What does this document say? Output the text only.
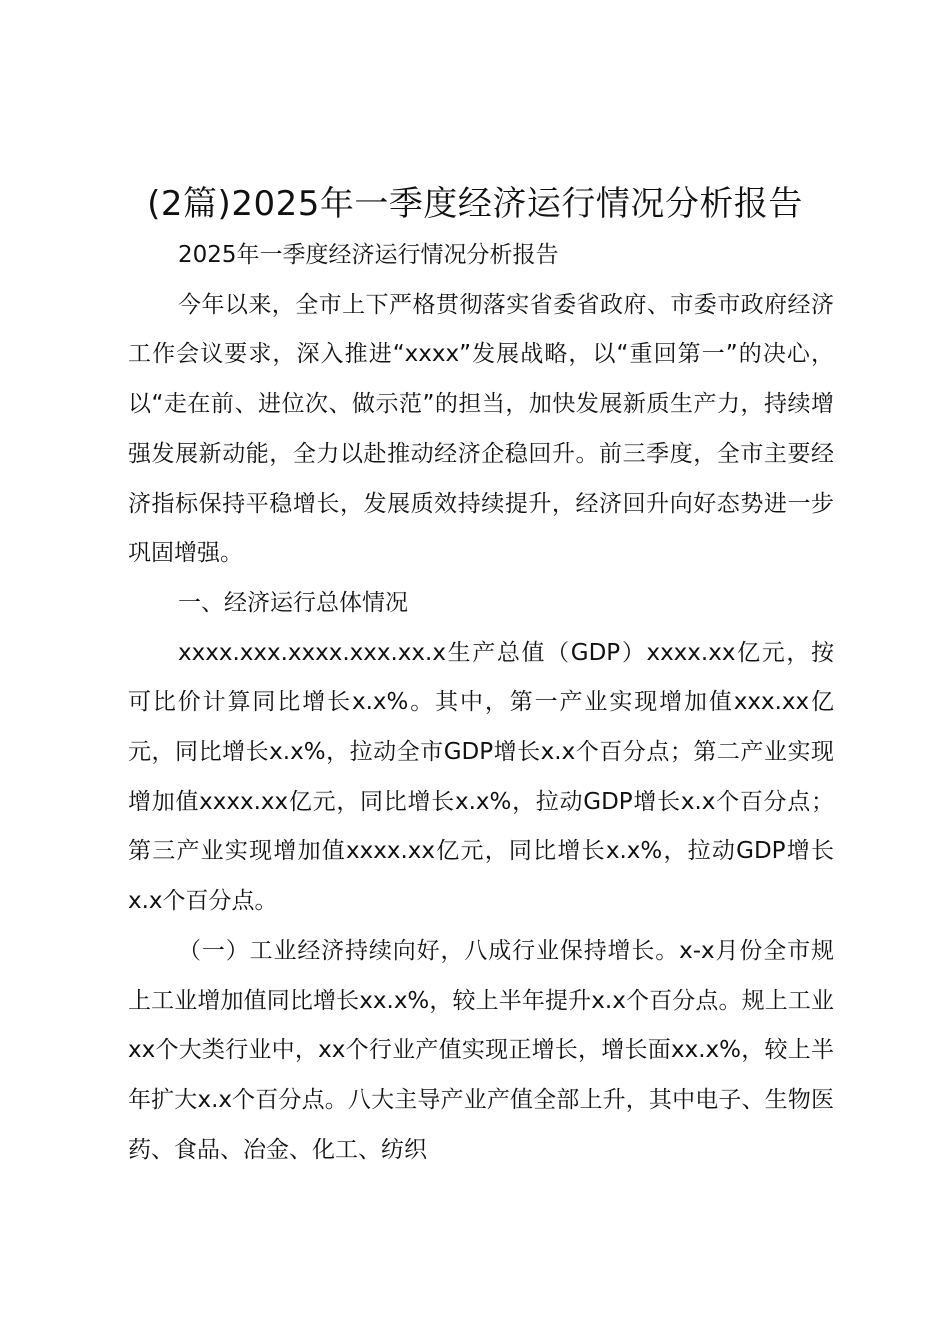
(2篇)2025年一季度经济运行情况分析报告

2025年一季度经济运行情况分析报告

今年以来，全市上下严格贯彻落实省委省政府、市委市政府经济工作会议要求，深入推进“xxxx”发展战略，以“重回第一”的决心，以“走在前、进位次、做示范”的担当，加快发展新质生产力，持续增强发展新动能，全力以赴推动经济企稳回升。前三季度，全市主要经济指标保持平稳增长，发展质效持续提升，经济回升向好态势进一步巩固增强。

一、经济运行总体情况

xxxx.xxx.xxxx.xxx.xx.x生产总值（GDP）xxxx.xx亿元，按可比价计算同比增长x.x%。其中，第一产业实现增加值xxx.xx亿元，同比增长x.x%，拉动全市GDP增长x.x个百分点；第二产业实现增加值xxxx.xx亿元，同比增长x.x%，拉动GDP增长x.x个百分点；第三产业实现增加值xxxx.xx亿元，同比增长x.x%，拉动GDP增长x.x个百分点。

（一）工业经济持续向好，八成行业保持增长。x-x月份全市规上工业增加值同比增长xx.x%，较上半年提升x.x个百分点。规上工业xx个大类行业中，xx个行业产值实现正增长，增长面xx.x%，较上半年扩大x.x个百分点。八大主导产业产值全部上升，其中电子、生物医药、食品、冶金、化工、纺织
